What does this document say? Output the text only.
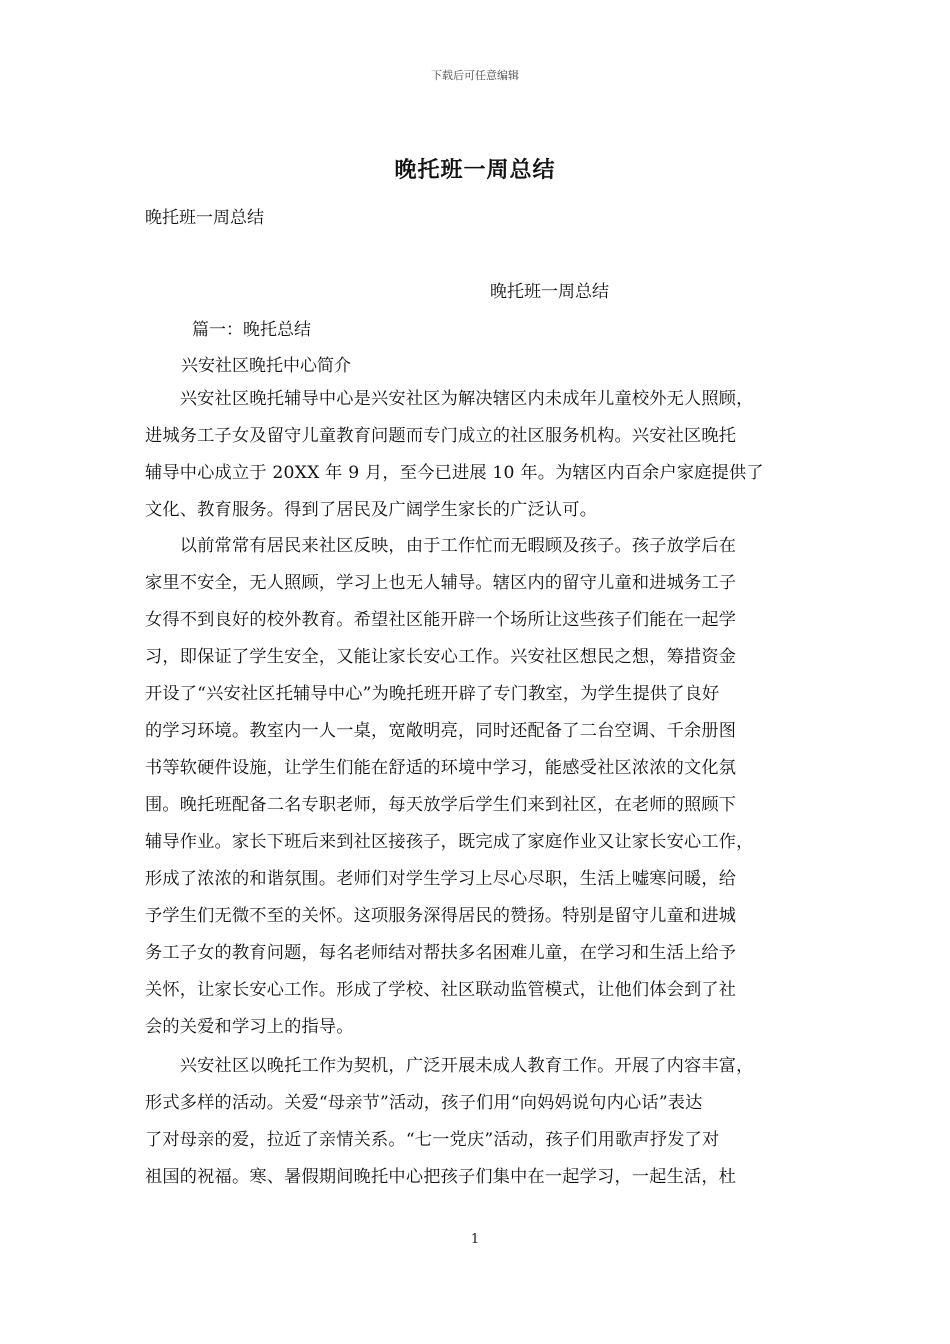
下载后可任意编辑
晚托班一周总结
晚托班一周总结
晚托班一周总结
篇一：晚托总结
兴安社区晚托中心简介
　　兴安社区晚托辅导中心是兴安社区为解决辖区内未成年儿童校外无人照顾，
进城务工子女及留守儿童教育问题而专门成立的社区服务机构。兴安社区晚托
辅导中心成立于 20XX 年 9 月，至今已进展 10 年。为辖区内百余户家庭提供了
文化、教育服务。得到了居民及广阔学生家长的广泛认可。
　　以前常常有居民来社区反映，由于工作忙而无暇顾及孩子。孩子放学后在
家里不安全，无人照顾，学习上也无人辅导。辖区内的留守儿童和进城务工子
女得不到良好的校外教育。希望社区能开辟一个场所让这些孩子们能在一起学
习，即保证了学生安全，又能让家长安心工作。兴安社区想民之想，筹措资金
开设了“兴安社区托辅导中心”为晚托班开辟了专门教室，为学生提供了良好
的学习环境。教室内一人一桌，宽敞明亮，同时还配备了二台空调、千余册图
书等软硬件设施，让学生们能在舒适的环境中学习，能感受社区浓浓的文化氛
围。晚托班配备二名专职老师，每天放学后学生们来到社区，在老师的照顾下
辅导作业。家长下班后来到社区接孩子，既完成了家庭作业又让家长安心工作，
形成了浓浓的和谐氛围。老师们对学生学习上尽心尽职，生活上嘘寒问暖，给
予学生们无微不至的关怀。这项服务深得居民的赞扬。特别是留守儿童和进城
务工子女的教育问题，每名老师结对帮扶多名困难儿童，在学习和生活上给予
关怀，让家长安心工作。形成了学校、社区联动监管模式，让他们体会到了社
会的关爱和学习上的指导。
　　兴安社区以晚托工作为契机，广泛开展未成人教育工作。开展了内容丰富，
形式多样的活动。关爱“母亲节”活动，孩子们用“向妈妈说句内心话”表达
了对母亲的爱，拉近了亲情关系。“七一党庆”活动，孩子们用歌声抒发了对
祖国的祝福。寒、暑假期间晚托中心把孩子们集中在一起学习，一起生活，杜
1
